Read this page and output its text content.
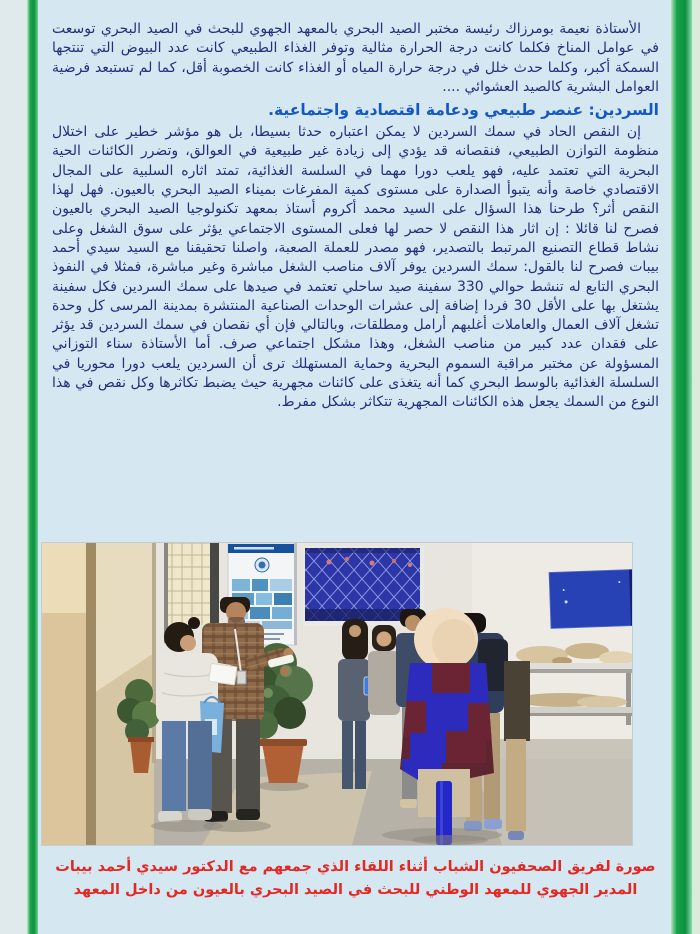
الأستاذة نعيمة بومرزاك رئيسة مختبر الصيد البحري بالمعهد الجهوي للبحث في الصيد البحري توسعت في عوامل المناخ فكلما كانت درجة الحرارة مثالية وتوفر الغذاء الطبيعي كانت عدد البيوض التي تنتجها السمكة أكبر، وكلما حدث خلل في درجة حرارة المياه أو الغذاء كانت الخصوبة أقل، كما لم تستبعد فرضية العوامل البشرية كالصيد العشوائي ....

السردين: عنصر طبيعي ودعامة اقتصادية واجتماعية.

إن النقص الحاد في سمك السردين لا يمكن اعتباره حدثا بسيطا، بل هو مؤشر خطير على اختلال منظومة التوازن الطبيعي، فنقصانه قد يؤدي إلى زيادة غير طبيعية في العوالق، وتضرر الكائنات الحية البحرية التي تعتمد عليه، فهو يلعب دورا مهما في السلسة الغذائية، تمتد اثاره السلبية على المجال الاقتصادي خاصة وأنه يتبوأ الصدارة على مستوى كمية المفرغات بميناء الصيد البحري بالعيون. فهل لهذا النقص أثر؟ طرحنا هذا السؤال على السيد محمد أكروم أستاذ بمعهد تكنولوجيا الصيد البحري بالعيون فصرح لنا قائلا : إن اثار هذا النقص لا حصر لها فعلى المستوى الاجتماعي يؤثر على سوق الشغل وعلى نشاط قطاع التصنيع المرتبط بالتصدير، فهو مصدر للعملة الصعبة، واصلنا تحقيقنا مع السيد سيدي أحمد بيبات فصرح لنا بالقول: سمك السردين يوفر آلاف مناصب الشغل مباشرة وغير مباشرة، فمثلا في النفوذ البحري التابع له تنشط حوالي 330 سفينة صيد ساحلي تعتمد في صيدها على سمك السردين فكل سفينة يشتغل بها على الأقل 30 فردا إضافة إلى عشرات الوحدات الصناعية المنتشرة بمدينة المرسى كل وحدة تشغل آلاف العمال والعاملات أغلبهم أرامل ومطلقات، وبالتالي فإن أي نقصان في سمك السردين قد يؤثر على فقدان عدد كبير من مناصب الشغل، وهذا مشكل اجتماعي صرف. أما الأستاذة سناء التوزاني المسؤولة عن مختبر مراقبة السموم البحرية وحماية المستهلك ترى أن السردين يلعب دورا محوريا في السلسلة الغذائية بالوسط البحري كما أنه يتغذى على كائنات مجهرية حيث يضبط تكاثرها وكل نقص في هذا النوع من السمك يجعل هذه الكائنات المجهرية تتكاثر بشكل مفرط.

صورة لفريق الصحفيون الشباب أثناء اللقاء الذي جمعهم مع الدكتور سيدي أحمد بيبات
المدير الجهوي للمعهد الوطني للبحث في الصيد البحري بالعيون من داخل المعهد
